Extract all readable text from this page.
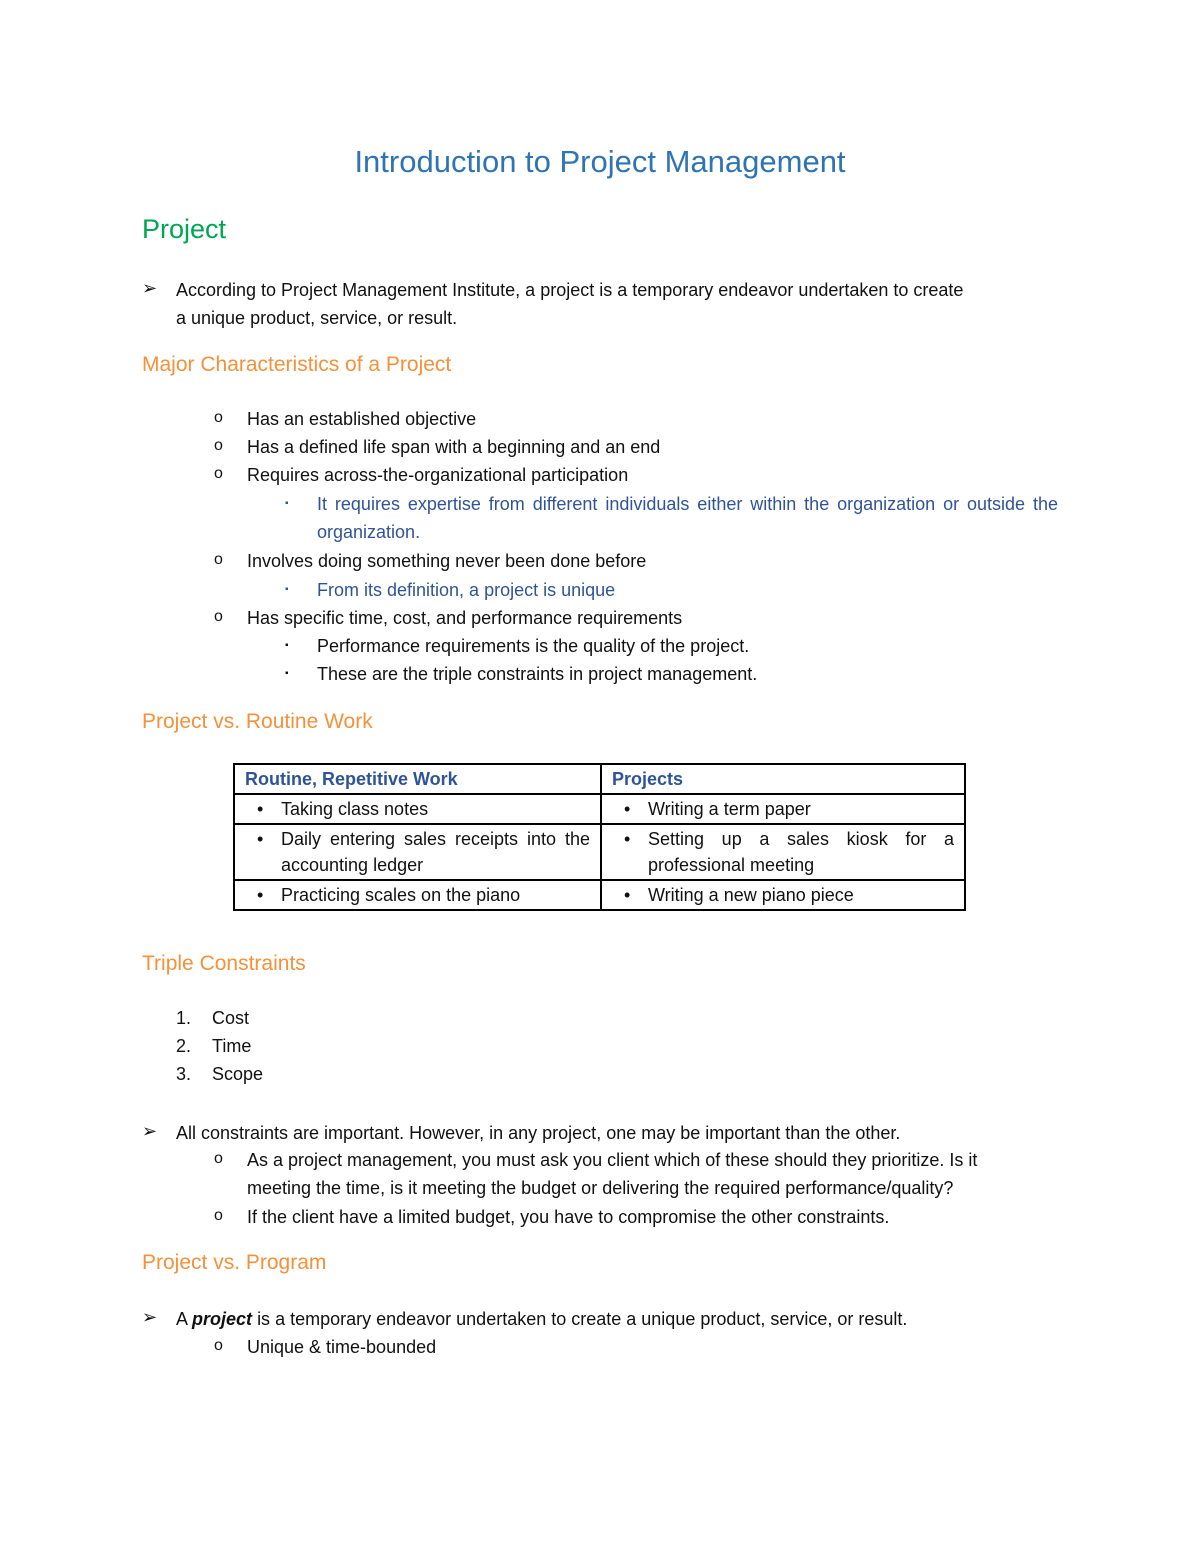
Introduction to Project Management
Project
➢ According to Project Management Institute, a project is a temporary endeavor undertaken to create
a unique product, service, or result.
Major Characteristics of a Project
o Has an established objective
o Has a defined life span with a beginning and an end
o Requires across-the-organizational participation
▪ It requires expertise from different individuals either within the organization or outside the organization.
o Involves doing something never been done before
▪ From its definition, a project is unique
o Has specific time, cost, and performance requirements
▪ Performance requirements is the quality of the project.
▪ These are the triple constraints in project management.
Project vs. Routine Work
Routine, Repetitive Work	Projects

• Taking class notes	• Writing a term paper

• Daily entering sales receipts into the accounting ledger	• Setting up a sales kiosk for a professional meeting

• Practicing scales on the piano	• Writing a new piano piece
Triple Constraints
1. Cost
2. Time
3. Scope
➢ All constraints are important. However, in any project, one may be important than the other.
o As a project management, you must ask you client which of these should they prioritize. Is it
meeting the time, is it meeting the budget or delivering the required performance/quality?
o If the client have a limited budget, you have to compromise the other constraints.
Project vs. Program
➢ A project is a temporary endeavor undertaken to create a unique product, service, or result.
o Unique & time-bounded
